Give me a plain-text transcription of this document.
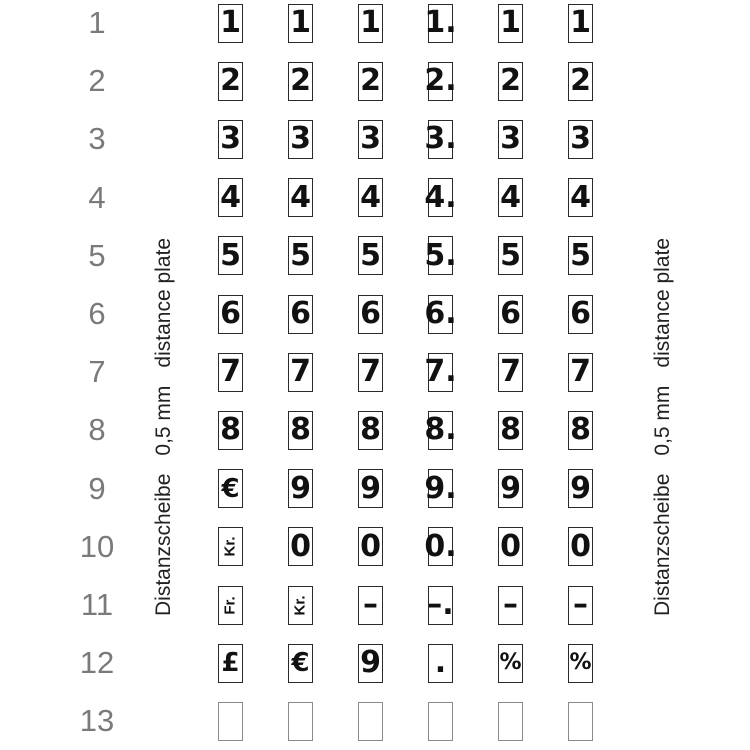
1
2
3
4
5
6
7
8
9
10
11
12
13
1
2
3
4
5
6
7
8
€
Kr.
Fr.
£
1
2
3
4
5
6
7
8
9
0
Kr.
€
1
2
3
4
5
6
7
8
9
0
–
9
1.
2.
3.
4.
5.
6.
7.
8.
9.
0.
–.
.
1
2
3
4
5
6
7
8
9
0
–
%
1
2
3
4
5
6
7
8
9
0
–
%
Distanzscheibe0,5 mmdistance plate
Distanzscheibe0,5 mmdistance plate
